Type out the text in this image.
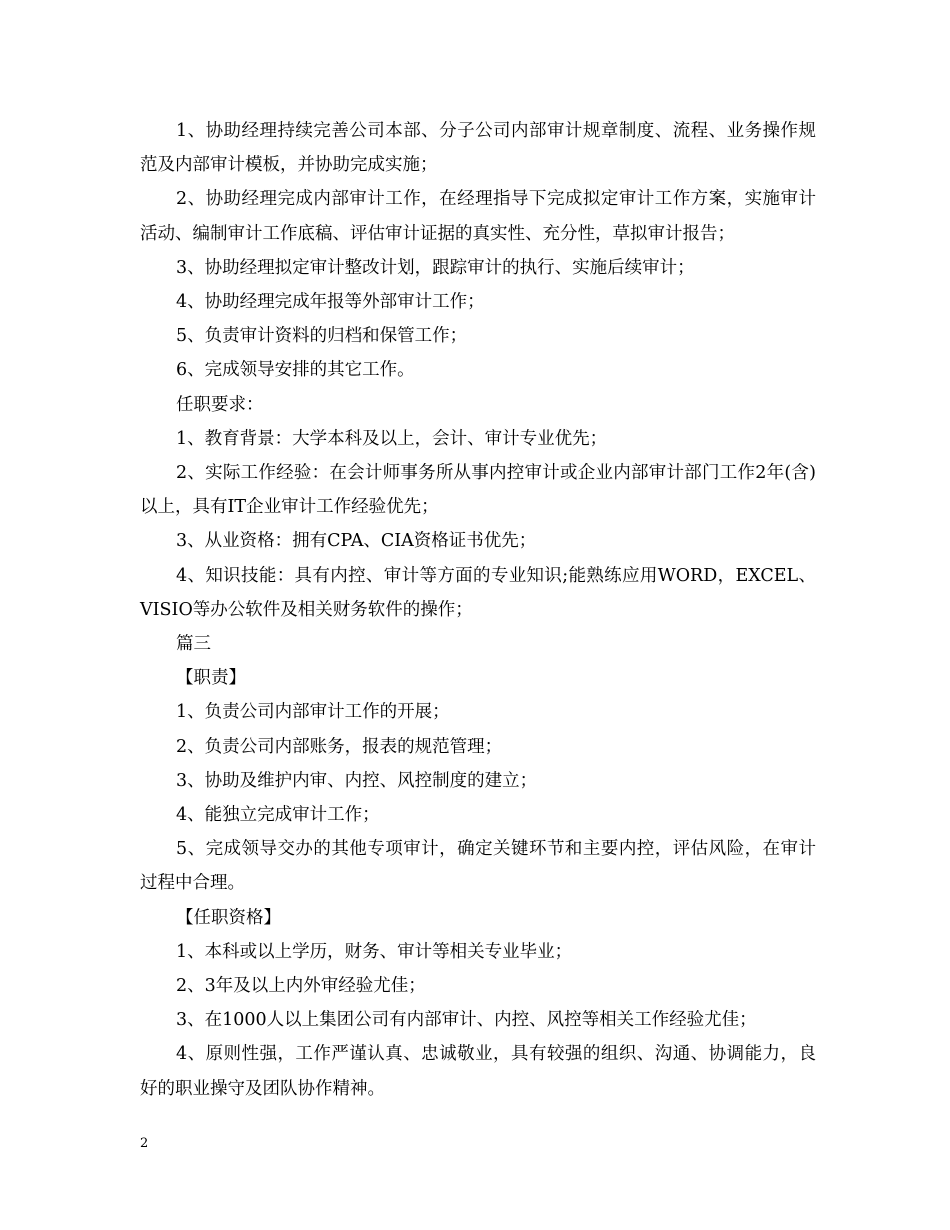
1、协助经理持续完善公司本部、分子公司内部审计规章制度、流程、业务操作规范及内部审计模板，并协助完成实施；

2、协助经理完成内部审计工作，在经理指导下完成拟定审计工作方案，实施审计活动、编制审计工作底稿、评估审计证据的真实性、充分性，草拟审计报告；

3、协助经理拟定审计整改计划，跟踪审计的执行、实施后续审计；

4、协助经理完成年报等外部审计工作；

5、负责审计资料的归档和保管工作；

6、完成领导安排的其它工作。

任职要求：

1、教育背景：大学本科及以上，会计、审计专业优先；

2、实际工作经验：在会计师事务所从事内控审计或企业内部审计部门工作2年(含)以上，具有IT企业审计工作经验优先；

3、从业资格：拥有CPA、CIA资格证书优先；

4、知识技能：具有内控、审计等方面的专业知识;能熟练应用WORD，EXCEL、VISIO等办公软件及相关财务软件的操作；

篇三

【职责】

1、负责公司内部审计工作的开展；

2、负责公司内部账务，报表的规范管理；

3、协助及维护内审、内控、风控制度的建立；

4、能独立完成审计工作；

5、完成领导交办的其他专项审计，确定关键环节和主要内控，评估风险，在审计过程中合理。

【任职资格】

1、本科或以上学历，财务、审计等相关专业毕业；

2、3年及以上内外审经验尤佳；

3、在1000人以上集团公司有内部审计、内控、风控等相关工作经验尤佳；

4、原则性强，工作严谨认真、忠诚敬业，具有较强的组织、沟通、协调能力，良好的职业操守及团队协作精神。

2
